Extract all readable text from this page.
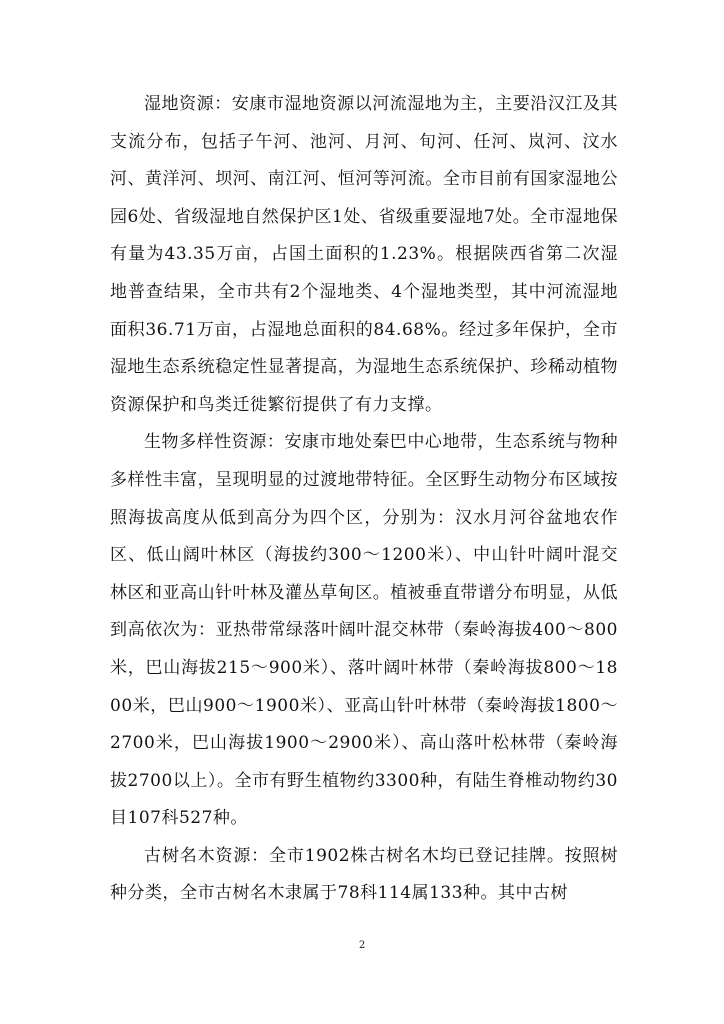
湿地资源：安康市湿地资源以河流湿地为主，主要沿汉江及其支流分布，包括子午河、池河、月河、旬河、任河、岚河、汶水河、黄洋河、坝河、南江河、恒河等河流。全市目前有国家湿地公园6处、省级湿地自然保护区1处、省级重要湿地7处。全市湿地保有量为43.35万亩，占国土面积的1.23%。根据陕西省第二次湿地普查结果，全市共有2个湿地类、4个湿地类型，其中河流湿地面积36.71万亩，占湿地总面积的84.68%。经过多年保护，全市湿地生态系统稳定性显著提高，为湿地生态系统保护、珍稀动植物资源保护和鸟类迁徙繁衍提供了有力支撑。

生物多样性资源：安康市地处秦巴中心地带，生态系统与物种多样性丰富，呈现明显的过渡地带特征。全区野生动物分布区域按照海拔高度从低到高分为四个区，分别为：汉水月河谷盆地农作区、低山阔叶林区（海拔约300～1200米）、中山针叶阔叶混交林区和亚高山针叶林及灌丛草甸区。植被垂直带谱分布明显，从低到高依次为：亚热带常绿落叶阔叶混交林带（秦岭海拔400～800米，巴山海拔215～900米）、落叶阔叶林带（秦岭海拔800～1800米，巴山900～1900米）、亚高山针叶林带（秦岭海拔1800～2700米，巴山海拔1900～2900米）、高山落叶松林带（秦岭海拔2700以上）。全市有野生植物约3300种，有陆生脊椎动物约30目107科527种。

古树名木资源：全市1902株古树名木均已登记挂牌。按照树种分类，全市古树名木隶属于78科114属133种。其中古树

2
